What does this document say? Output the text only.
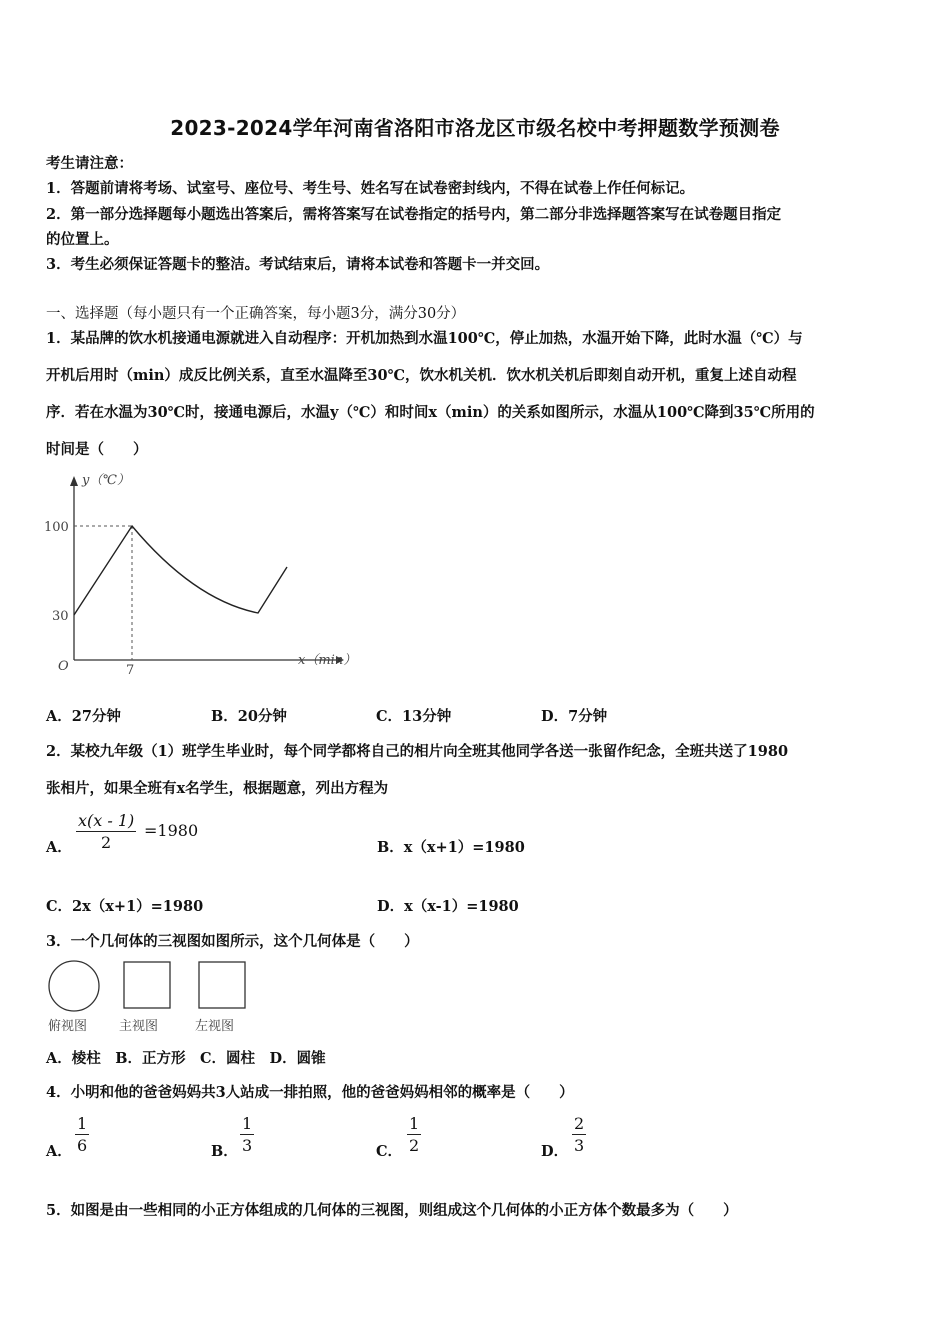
2023-2024学年河南省洛阳市洛龙区市级名校中考押题数学预测卷
考生请注意：
1．答题前请将考场、试室号、座位号、考生号、姓名写在试卷密封线内，不得在试卷上作任何标记。
2．第一部分选择题每小题选出答案后，需将答案写在试卷指定的括号内，第二部分非选择题答案写在试卷题目指定
的位置上。
3．考生必须保证答题卡的整洁。考试结束后，请将本试卷和答题卡一并交回。
一、选择题（每小题只有一个正确答案，每小题3分，满分30分）
1．某品牌的饮水机接通电源就进入自动程序：开机加热到水温100℃，停止加热，水温开始下降，此时水温（℃）与
开机后用时（min）成反比例关系，直至水温降至30℃，饮水机关机．饮水机关机后即刻自动开机，重复上述自动程
序．若在水温为30℃时，接通电源后，水温y（℃）和时间x（min）的关系如图所示，水温从100℃降到35℃所用的
时间是（　　）
y（℃）
x（min）
O
100
30
7
A．27分钟	B．20分钟	C．13分钟	D．7分钟
2．某校九年级（1）班学生毕业时，每个同学都将自己的相片向全班其他同学各送一张留作纪念，全班共送了1980
张相片，如果全班有x名学生，根据题意，列出方程为
A．
x(x - 1)
2
=1980
B．x（x+1）=1980
C．2x（x+1）=1980	D．x（x-1）=1980
3．一个几何体的三视图如图所示，这个几何体是（　　）
俯视图 主视图	左视图
A．棱柱　B．正方形　C．圆柱　D．圆锥
4．小明和他的爸爸妈妈共3人站成一排拍照，他的爸爸妈妈相邻的概率是（　　）
A．
1
6	B．
1
3	C．
1
2	D．
2
3
5．如图是由一些相同的小正方体组成的几何体的三视图，则组成这个几何体的小正方体个数最多为（　　）
